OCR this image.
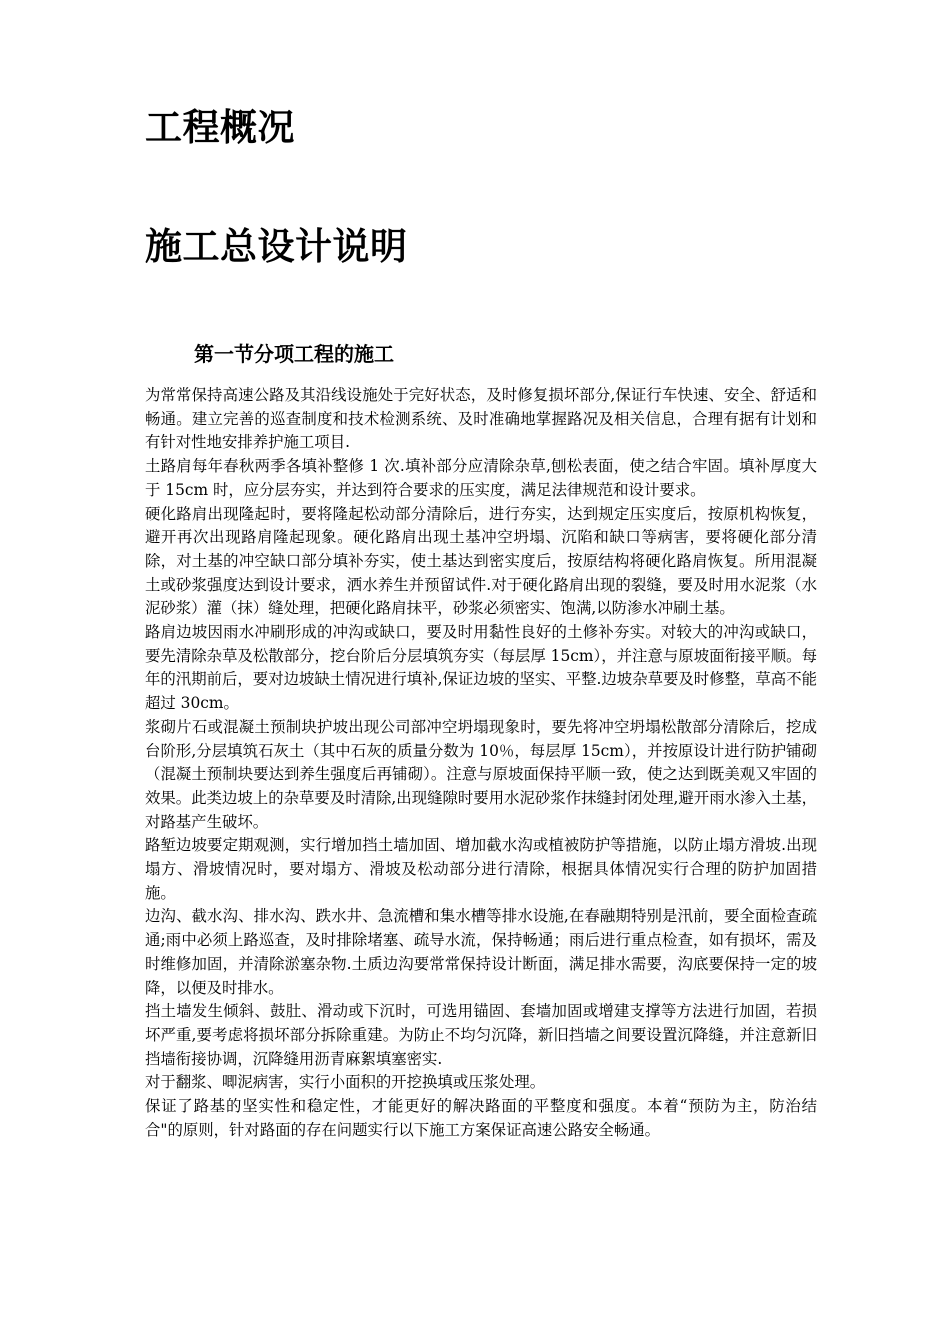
工程概况
施工总设计说明
第一节分项工程的施工

为常常保持高速公路及其沿线设施处于完好状态，及时修复损坏部分,保证行车快速、安全、舒适和畅通。建立完善的巡查制度和技术检测系统、及时准确地掌握路况及相关信息，合理有据有计划和有针对性地安排养护施工项目.

土路肩每年春秋两季各填补整修 1 次.填补部分应清除杂草,刨松表面，使之结合牢固。填补厚度大于 15cm 时，应分层夯实，并达到符合要求的压实度，满足法律规范和设计要求。

硬化路肩出现隆起时，要将隆起松动部分清除后，进行夯实，达到规定压实度后，按原机构恢复，避开再次出现路肩隆起现象。硬化路肩出现土基冲空坍塌、沉陷和缺口等病害，要将硬化部分清除，对土基的冲空缺口部分填补夯实，使土基达到密实度后，按原结构将硬化路肩恢复。所用混凝土或砂浆强度达到设计要求，洒水养生并预留试件.对于硬化路肩出现的裂缝，要及时用水泥浆（水泥砂浆）灌（抹）缝处理，把硬化路肩抹平，砂浆必须密实、饱满,以防渗水冲刷土基。

路肩边坡因雨水冲刷形成的冲沟或缺口，要及时用黏性良好的土修补夯实。对较大的冲沟或缺口，要先清除杂草及松散部分，挖台阶后分层填筑夯实（每层厚 15cm），并注意与原坡面衔接平顺。每年的汛期前后，要对边坡缺土情况进行填补,保证边坡的坚实、平整.边坡杂草要及时修整，草高不能超过 30cm。

浆砌片石或混凝土预制块护坡出现公司部冲空坍塌现象时，要先将冲空坍塌松散部分清除后，挖成台阶形,分层填筑石灰土（其中石灰的质量分数为 10％，每层厚 15cm），并按原设计进行防护铺砌（混凝土预制块要达到养生强度后再铺砌）。注意与原坡面保持平顺一致，使之达到既美观又牢固的效果。此类边坡上的杂草要及时清除,出现缝隙时要用水泥砂浆作抹缝封闭处理,避开雨水渗入土基，对路基产生破坏。

路堑边坡要定期观测，实行增加挡土墙加固、增加截水沟或植被防护等措施，以防止塌方滑坡.出现塌方、滑坡情况时，要对塌方、滑坡及松动部分进行清除，根据具体情况实行合理的防护加固措施。

边沟、截水沟、排水沟、跌水井、急流槽和集水槽等排水设施,在春融期特别是汛前，要全面检查疏通;雨中必须上路巡查，及时排除堵塞、疏导水流，保持畅通；雨后进行重点检查，如有损坏，需及时维修加固，并清除淤塞杂物.土质边沟要常常保持设计断面，满足排水需要，沟底要保持一定的坡降，以便及时排水。

挡土墙发生倾斜、鼓肚、滑动或下沉时，可选用锚固、套墙加固或增建支撑等方法进行加固，若损坏严重,要考虑将损坏部分拆除重建。为防止不均匀沉降，新旧挡墙之间要设置沉降缝，并注意新旧挡墙衔接协调，沉降缝用沥青麻絮填塞密实.

对于翻浆、唧泥病害，实行小面积的开挖换填或压浆处理。

保证了路基的坚实性和稳定性，才能更好的解决路面的平整度和强度。本着“预防为主，防治结合"的原则，针对路面的存在问题实行以下施工方案保证高速公路安全畅通。
